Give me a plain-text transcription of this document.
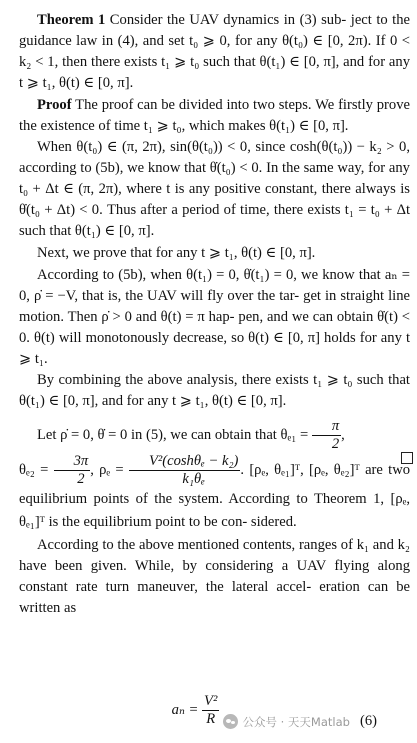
Theorem 1 Consider the UAV dynamics in (3) sub- ject to the guidance law in (4), and set t₀ ⩾ 0, for any θ(t₀) ∈ [0, 2π). If 0 < k₂ < 1, then there exists t₁ ⩾ t₀ such that θ(t₁) ∈ [0, π], and for any t ⩾ t₁, θ(t) ∈ [0, π].

Proof The proof can be divided into two steps. We firstly prove the existence of time t₁ ⩾ t₀, which makes θ(t₁) ∈ [0, π].

When θ(t₀) ∈ (π, 2π), sin(θ(t₀)) < 0, since cosh(θ(t₀)) − k₂ > 0, according to (5b), we know that θ̇(t₀) < 0. In the same way, for any t₀ + Δt ∈ (π, 2π), where t is any positive constant, there always is θ̇(t₀ + Δt) < 0. Thus after a period of time, there exists t₁ = t₀ + Δt such that θ(t₁) ∈ [0, π].

Next, we prove that for any t ⩾ t₁, θ(t) ∈ [0, π].

According to (5b), when θ(t₁) = 0, θ̇(t₁) = 0, we know that aₙ = 0, ρ̇ = −V, that is, the UAV will fly over the tar- get in straight line motion. Then ρ̇ > 0 and θ(t) = π hap- pen, and we can obtain θ̇(t) < 0. θ(t) will monotonously decrease, so θ(t) ∈ [0, π] holds for any t ⩾ t₁.

By combining the above analysis, there exists t₁ ⩾ t₀ such that θ(t₁) ∈ [0, π], and for any t ⩾ t₁, θ(t) ∈ [0, π].

Let ρ̇ = 0, θ̇ = 0 in (5), we can obtain that $\theta_{e1} = \frac{\pi}{2}$ ,
$\theta_{e2} = \frac{3\pi}{2}$ , $\rho_e = \frac{\text{V²(coshθₑ − k₂)}}{\text{k₁θₑ}}$ . [ρₑ, θₑ₁]ᵀ, [ρₑ, θₑ₂]ᵀ are two equilibrium points of the system. According to Theorem 1, [ρₑ, θₑ₁]ᵀ is the equilibrium point to be con- sidered.

According to the above mentioned contents, ranges of k₁ and k₂ have been given. While, by considering a UAV flying along constant rate turn maneuver, the lateral accel- eration can be written as

$a_n = \frac{\text{V²}}{R}$ 公众号 · 天天Matlab (6)
